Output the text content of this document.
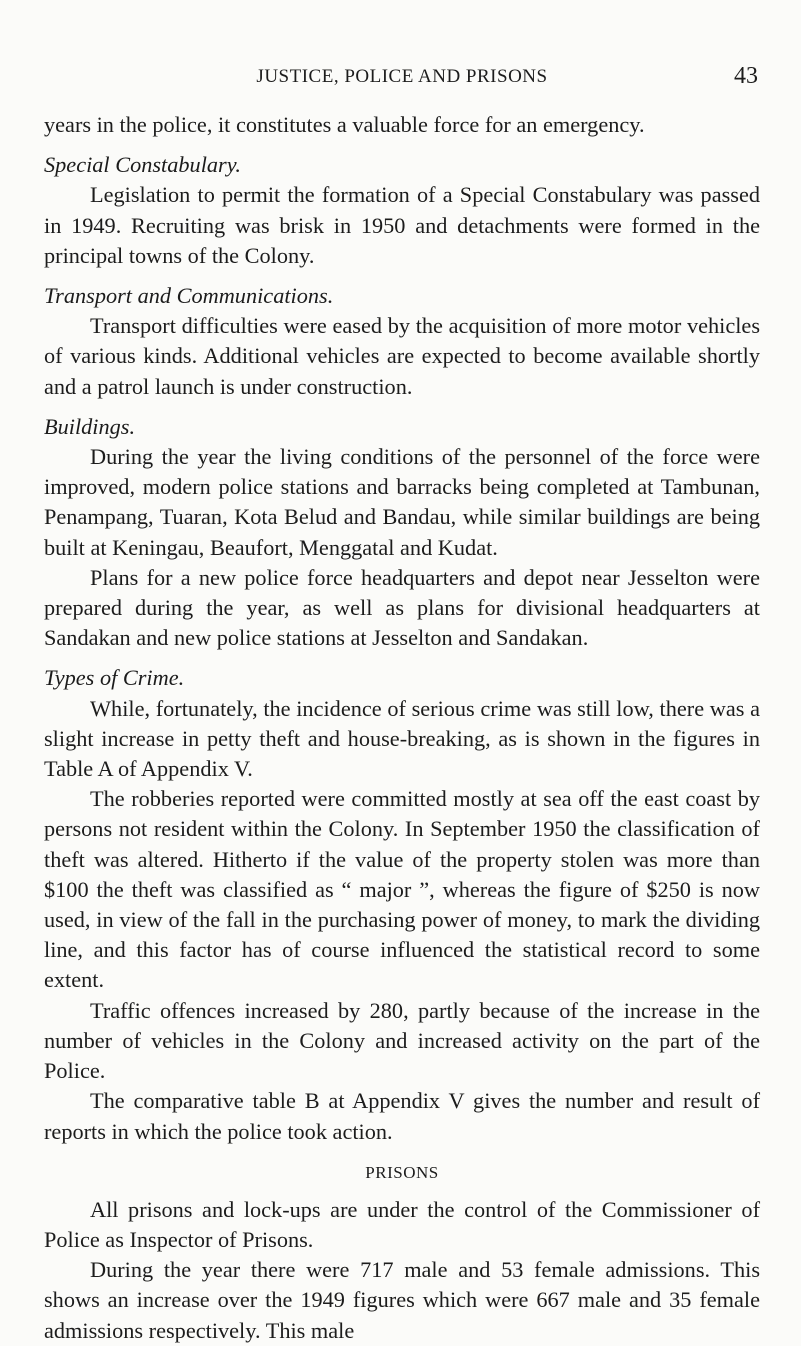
JUSTICE, POLICE AND PRISONS	43

years in the police, it constitutes a valuable force for an emergency.

Special Constabulary.

Legislation to permit the formation of a Special Constabulary was passed in 1949. Recruiting was brisk in 1950 and detachments were formed in the principal towns of the Colony.

Transport and Communications.

Transport difficulties were eased by the acquisition of more motor vehicles of various kinds. Additional vehicles are expected to become available shortly and a patrol launch is under construction.

Buildings.

During the year the living conditions of the personnel of the force were improved, modern police stations and barracks being completed at Tambunan, Penampang, Tuaran, Kota Belud and Bandau, while similar buildings are being built at Keningau, Beaufort, Menggatal and Kudat.

Plans for a new police force headquarters and depot near Jesselton were prepared during the year, as well as plans for divisional headquarters at Sandakan and new police stations at Jesselton and Sandakan.

Types of Crime.

While, fortunately, the incidence of serious crime was still low, there was a slight increase in petty theft and house-breaking, as is shown in the figures in Table A of Appendix V.

The robberies reported were committed mostly at sea off the east coast by persons not resident within the Colony. In September 1950 the classification of theft was altered. Hitherto if the value of the property stolen was more than $100 the theft was classified as “ major ”, whereas the figure of $250 is now used, in view of the fall in the purchasing power of money, to mark the dividing line, and this factor has of course influenced the statistical record to some extent.

Traffic offences increased by 280, partly because of the increase in the number of vehicles in the Colony and increased activity on the part of the Police.

The comparative table B at Appendix V gives the number and result of reports in which the police took action.

PRISONS

All prisons and lock-ups are under the control of the Commissioner of Police as Inspector of Prisons.

During the year there were 717 male and 53 female admissions. This shows an increase over the 1949 figures which were 667 male and 35 female admissions respectively. This male
